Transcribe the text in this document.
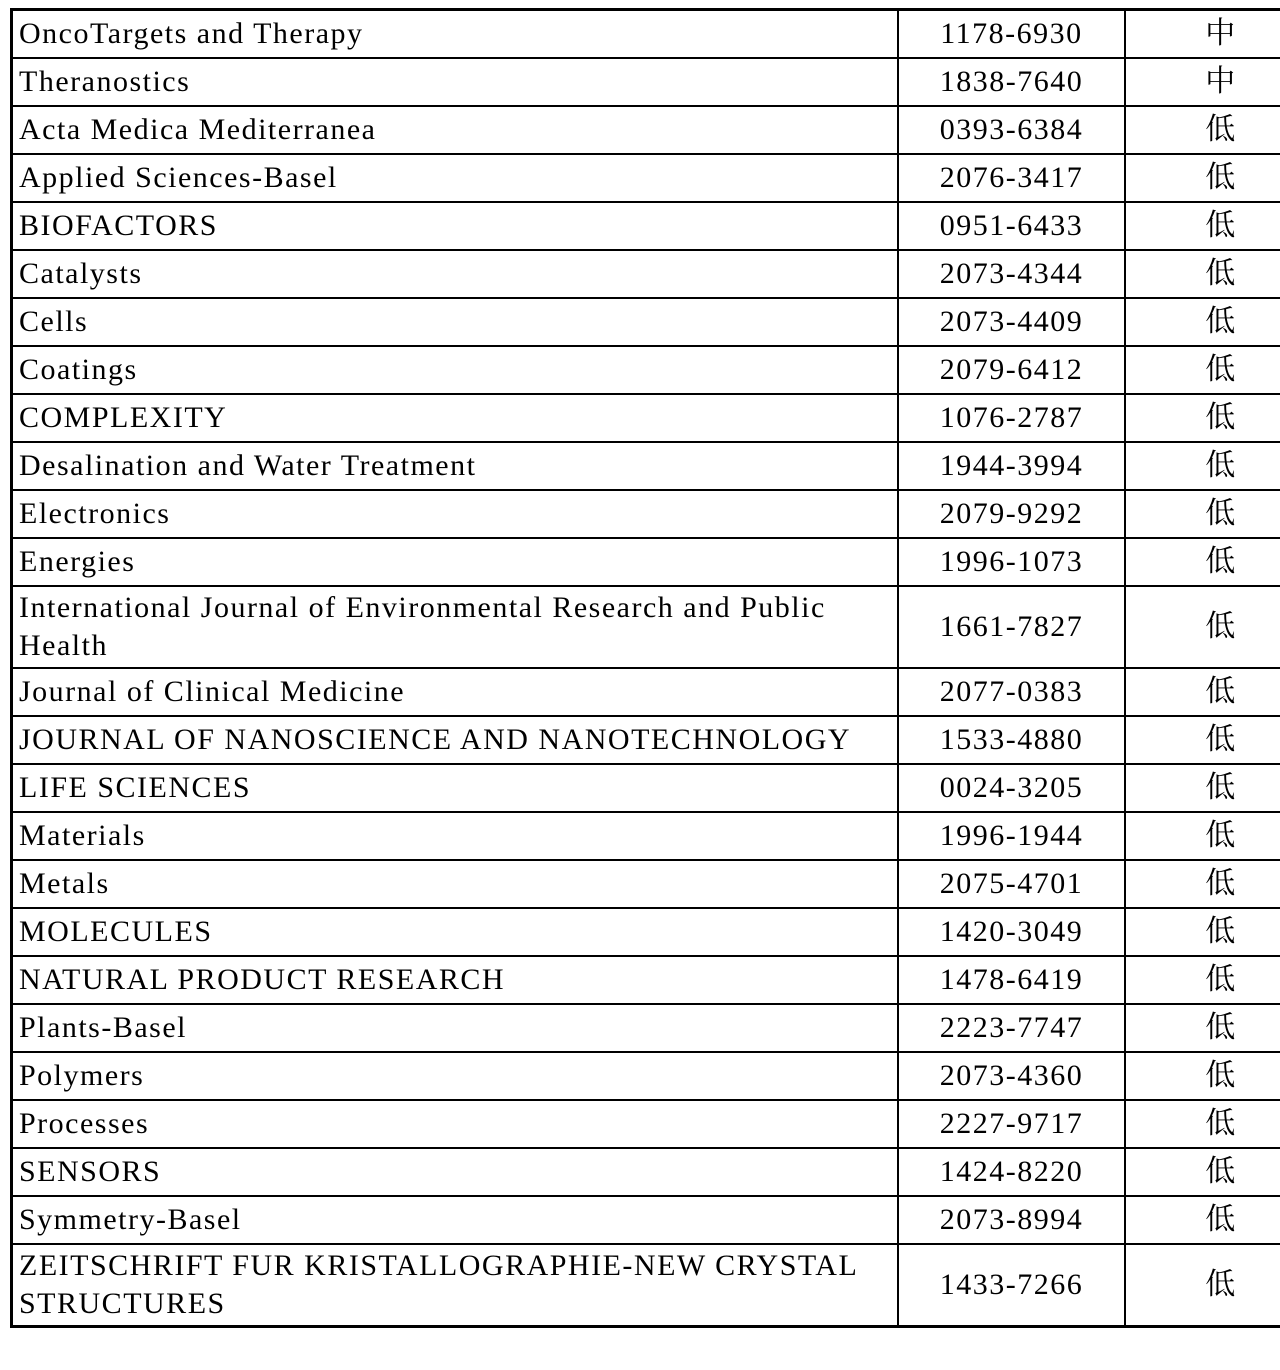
OncoTargets and Therapy	1178-6930	中
Theranostics	1838-7640	中
Acta Medica Mediterranea	0393-6384	低
Applied Sciences-Basel	2076-3417	低
BIOFACTORS	0951-6433	低
Catalysts	2073-4344	低
Cells	2073-4409	低
Coatings	2079-6412	低
COMPLEXITY	1076-2787	低
Desalination and Water Treatment	1944-3994	低
Electronics	2079-9292	低
Energies	1996-1073	低
International Journal of Environmental Research and Public Health	1661-7827	低
Journal of Clinical Medicine	2077-0383	低
JOURNAL OF NANOSCIENCE AND NANOTECHNOLOGY	1533-4880	低
LIFE SCIENCES	0024-3205	低
Materials	1996-1944	低
Metals	2075-4701	低
MOLECULES	1420-3049	低
NATURAL PRODUCT RESEARCH	1478-6419	低
Plants-Basel	2223-7747	低
Polymers	2073-4360	低
Processes	2227-9717	低
SENSORS	1424-8220	低
Symmetry-Basel	2073-8994	低
ZEITSCHRIFT FUR KRISTALLOGRAPHIE-NEW CRYSTAL STRUCTURES	1433-7266	低
